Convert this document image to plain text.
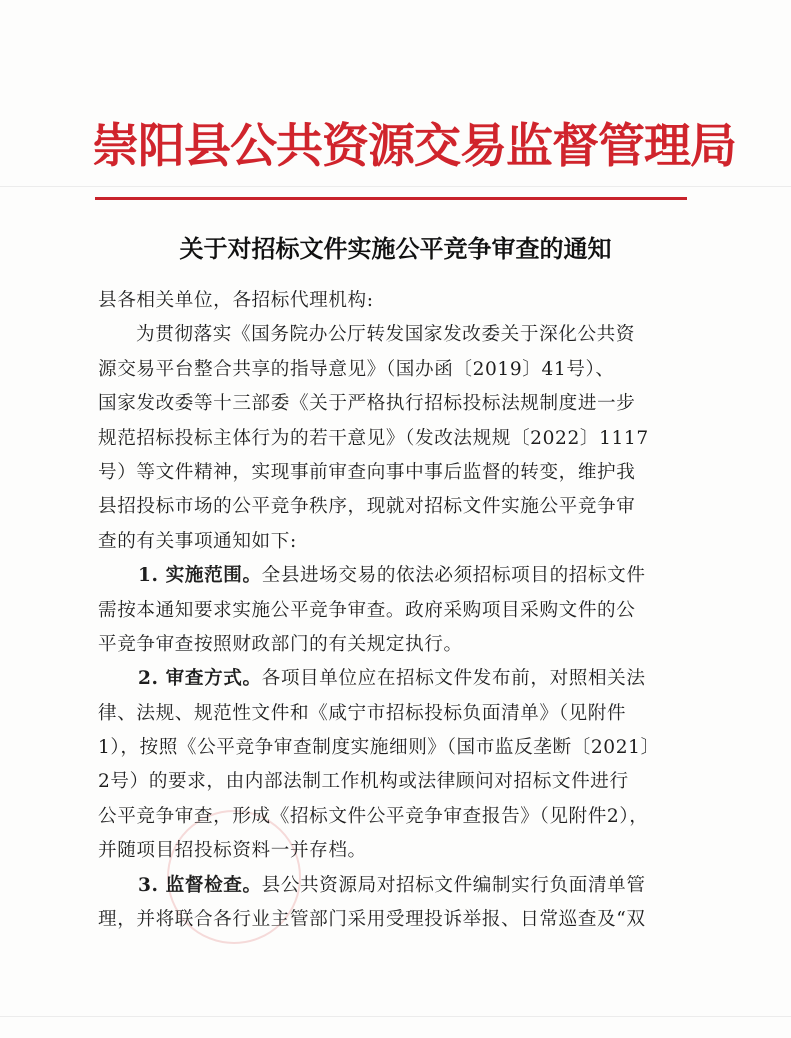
崇阳县公共资源交易监督管理局
关于对招标文件实施公平竞争审查的通知
县各相关单位，各招标代理机构:
为贯彻落实《国务院办公厅转发国家发改委关于深化公共资
源交易平台整合共享的指导意见》（国办函〔2019〕41号）、
国家发改委等十三部委《关于严格执行招标投标法规制度进一步
规范招标投标主体行为的若干意见》（发改法规规〔2022〕1117
号）等文件精神，实现事前审查向事中事后监督的转变，维护我
县招投标市场的公平竞争秩序，现就对招标文件实施公平竞争审
查的有关事项通知如下:
1. 实施范围。全县进场交易的依法必须招标项目的招标文件
需按本通知要求实施公平竞争审查。政府采购项目采购文件的公
平竞争审查按照财政部门的有关规定执行。
2. 审查方式。各项目单位应在招标文件发布前，对照相关法
律、法规、规范性文件和《咸宁市招标投标负面清单》（见附件
1），按照《公平竞争审查制度实施细则》（国市监反垄断〔2021〕
2号）的要求，由内部法制工作机构或法律顾问对招标文件进行
公平竞争审查，形成《招标文件公平竞争审查报告》（见附件2），
并随项目招投标资料一并存档。
3. 监督检查。县公共资源局对招标文件编制实行负面清单管
理，并将联合各行业主管部门采用受理投诉举报、日常巡查及“双
